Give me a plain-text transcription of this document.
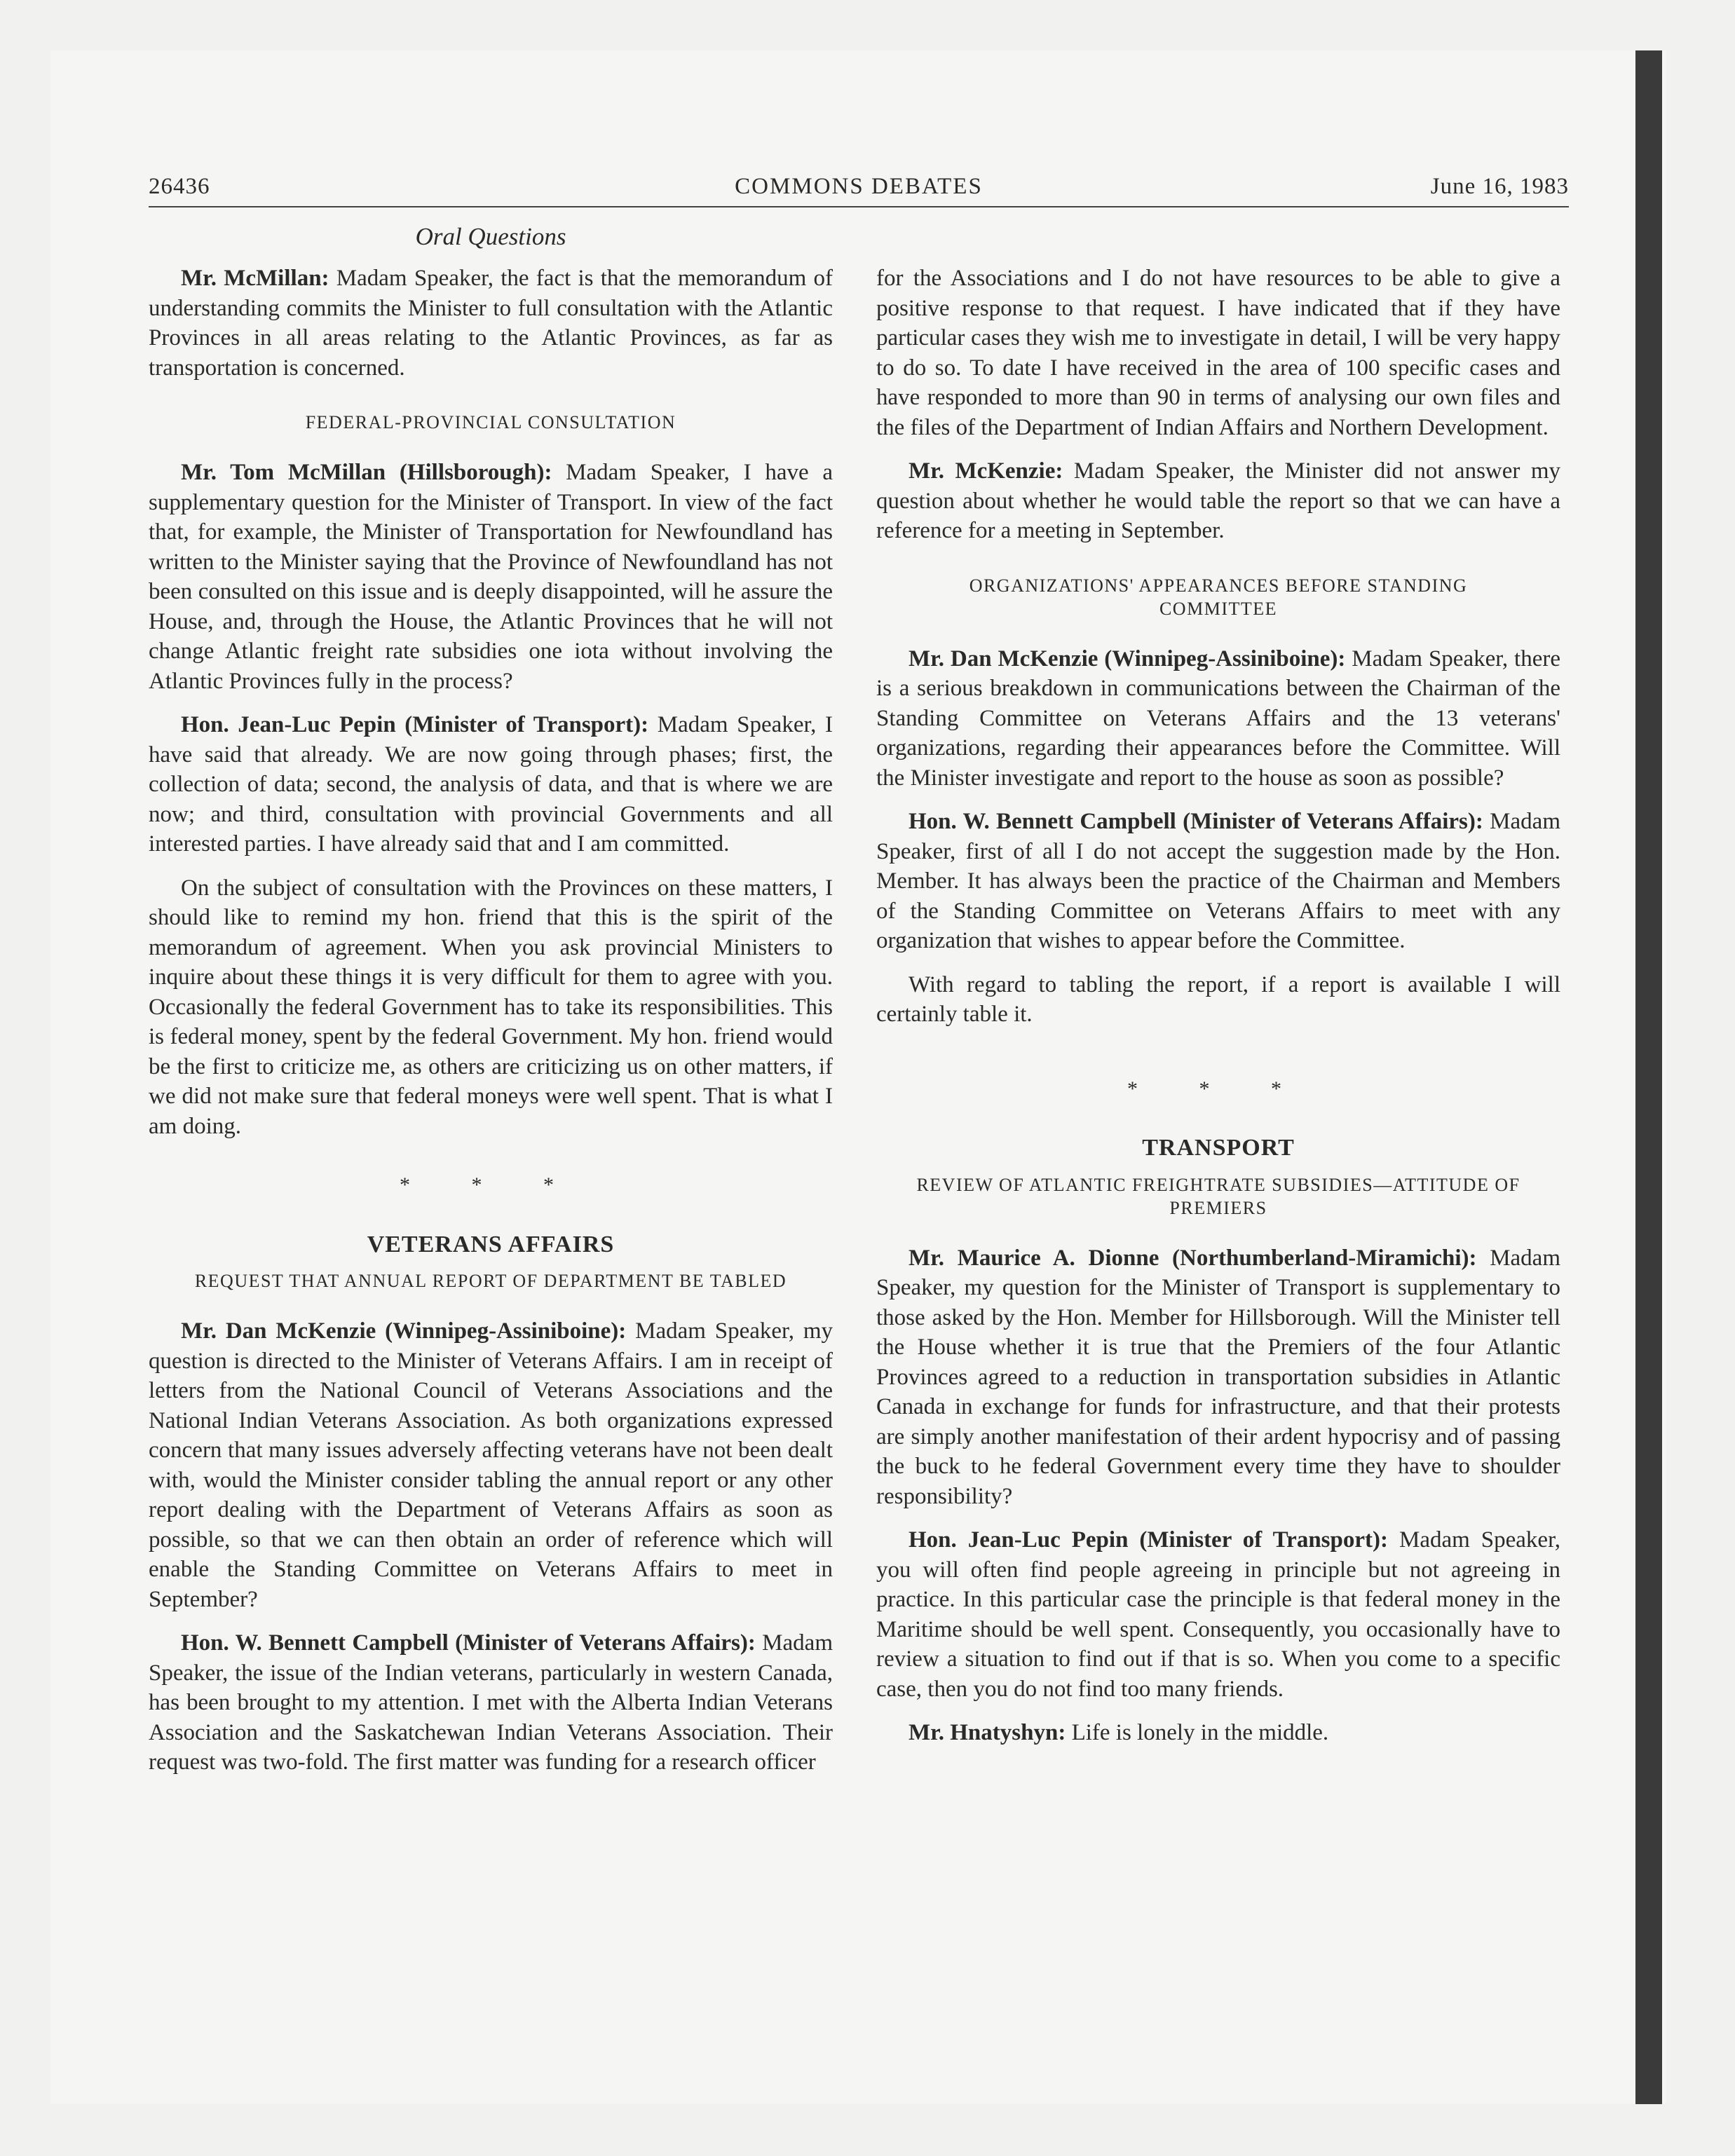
26436	COMMONS DEBATES	June 16, 1983
Oral Questions

Mr. McMillan: Madam Speaker, the fact is that the memorandum of understanding commits the Minister to full consultation with the Atlantic Provinces in all areas relating to the Atlantic Provinces, as far as transportation is concerned.

FEDERAL-PROVINCIAL CONSULTATION

Mr. Tom McMillan (Hillsborough): Madam Speaker, I have a supplementary question for the Minister of Transport. In view of the fact that, for example, the Minister of Transportation for Newfoundland has written to the Minister saying that the Province of Newfoundland has not been consulted on this issue and is deeply disappointed, will he assure the House, and, through the House, the Atlantic Provinces that he will not change Atlantic freight rate subsidies one iota without involving the Atlantic Provinces fully in the process?

Hon. Jean-Luc Pepin (Minister of Transport): Madam Speaker, I have said that already. We are now going through phases; first, the collection of data; second, the analysis of data, and that is where we are now; and third, consultation with provincial Governments and all interested parties. I have already said that and I am committed.

On the subject of consultation with the Provinces on these matters, I should like to remind my hon. friend that this is the spirit of the memorandum of agreement. When you ask provincial Ministers to inquire about these things it is very difficult for them to agree with you. Occasionally the federal Government has to take its responsibilities. This is federal money, spent by the federal Government. My hon. friend would be the first to criticize me, as others are criticizing us on other matters, if we did not make sure that federal moneys were well spent. That is what I am doing.

* * *
VETERANS AFFAIRS
REQUEST THAT ANNUAL REPORT OF DEPARTMENT BE TABLED

Mr. Dan McKenzie (Winnipeg-Assiniboine): Madam Speaker, my question is directed to the Minister of Veterans Affairs. I am in receipt of letters from the National Council of Veterans Associations and the National Indian Veterans Association. As both organizations expressed concern that many issues adversely affecting veterans have not been dealt with, would the Minister consider tabling the annual report or any other report dealing with the Department of Veterans Affairs as soon as possible, so that we can then obtain an order of reference which will enable the Standing Committee on Veterans Affairs to meet in September?

Hon. W. Bennett Campbell (Minister of Veterans Affairs): Madam Speaker, the issue of the Indian veterans, particularly in western Canada, has been brought to my attention. I met with the Alberta Indian Veterans Association and the Saskatchewan Indian Veterans Association. Their request was two-fold. The first matter was funding for a research officer

for the Associations and I do not have resources to be able to give a positive response to that request. I have indicated that if they have particular cases they wish me to investigate in detail, I will be very happy to do so. To date I have received in the area of 100 specific cases and have responded to more than 90 in terms of analysing our own files and the files of the Department of Indian Affairs and Northern Development.

Mr. McKenzie: Madam Speaker, the Minister did not answer my question about whether he would table the report so that we can have a reference for a meeting in September.

ORGANIZATIONS' APPEARANCES BEFORE STANDING COMMITTEE

Mr. Dan McKenzie (Winnipeg-Assiniboine): Madam Speaker, there is a serious breakdown in communications between the Chairman of the Standing Committee on Veterans Affairs and the 13 veterans' organizations, regarding their appearances before the Committee. Will the Minister investigate and report to the house as soon as possible?

Hon. W. Bennett Campbell (Minister of Veterans Affairs): Madam Speaker, first of all I do not accept the suggestion made by the Hon. Member. It has always been the practice of the Chairman and Members of the Standing Committee on Veterans Affairs to meet with any organization that wishes to appear before the Committee.

With regard to tabling the report, if a report is available I will certainly table it.

* * *
TRANSPORT
REVIEW OF ATLANTIC FREIGHTRATE SUBSIDIES—ATTITUDE OF PREMIERS

Mr. Maurice A. Dionne (Northumberland-Miramichi): Madam Speaker, my question for the Minister of Transport is supplementary to those asked by the Hon. Member for Hillsborough. Will the Minister tell the House whether it is true that the Premiers of the four Atlantic Provinces agreed to a reduction in transportation subsidies in Atlantic Canada in exchange for funds for infrastructure, and that their protests are simply another manifestation of their ardent hypocrisy and of passing the buck to he federal Government every time they have to shoulder responsibility?

Hon. Jean-Luc Pepin (Minister of Transport): Madam Speaker, you will often find people agreeing in principle but not agreeing in practice. In this particular case the principle is that federal money in the Maritime should be well spent. Consequently, you occasionally have to review a situation to find out if that is so. When you come to a specific case, then you do not find too many friends.

Mr. Hnatyshyn: Life is lonely in the middle.
